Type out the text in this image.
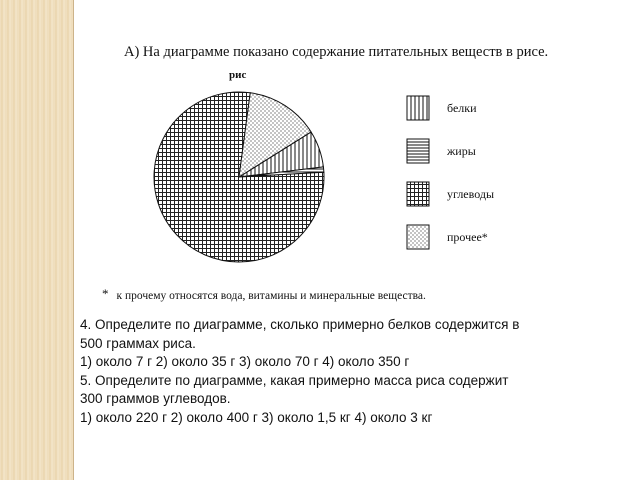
А) На диаграмме показано содержание питательных веществ в рисе.
рис
белки
жиры
углеводы
прочее*
* к прочему относятся вода, витамины и минеральные вещества.
4. Определите по диаграмме, сколько примерно белков содержится в
500 граммах риса.
1) около 7 г 2) около 35 г 3) около 70 г 4) около 350 г
5. Определите по диаграмме, какая примерно масса риса содержит
300 граммов углеводов.
1) около 220 г 2) около 400 г 3) около 1,5 кг 4) около 3 кг
